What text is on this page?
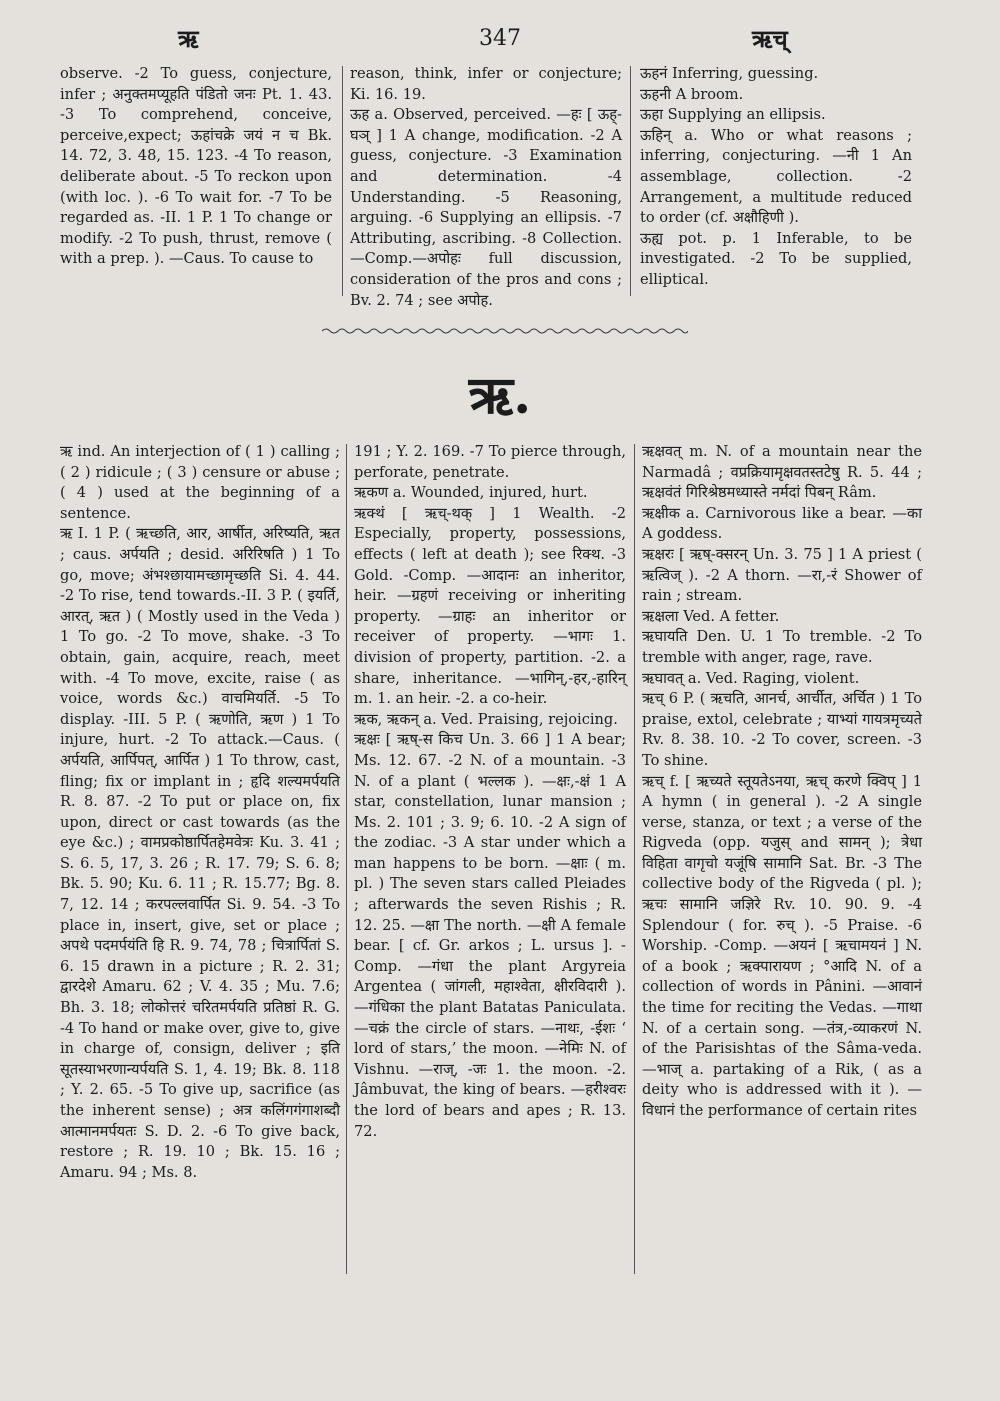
ऋ	347	ऋच्

observe. -2 To guess, conjecture, infer ; अनुक्तमप्यूहति पंडितो जनः Pt. 1. 43. -3 To comprehend, conceive, perceive,expect; ऊहांचक्रे जयं न च Bk. 14. 72, 3. 48, 15. 123. -4 To reason, deliberate about. -5 To reckon upon (with loc. ). -6 To wait for. -7 To be regarded as. -II. 1 P. 1 To change or modify. -2 To push, thrust, remove ( with a prep. ). —Caus. To cause to

reason, think, infer or conjecture; Ki. 16. 19.

ऊह a. Observed, perceived. —हः [ ऊह्-घञ् ] 1 A change, modification. -2 A guess, conjecture. -3 Examination and determination. -4 Understanding. -5 Reasoning, arguing. -6 Supplying an ellipsis. -7 Attributing, ascribing. -8 Collection.—Comp.—अपोहः full discussion, consideration of the pros and cons ; Bv. 2. 74 ; see अपोह.

ऊहनं Inferring, guessing.

ऊहनी A broom.

ऊहा Supplying an ellipsis.

ऊहिन् a. Who or what reasons ; inferring, conjecturing. —नी 1 An assemblage, collection. -2 Arrangement, a multitude reduced to order (cf. अक्षौहिणी ).

ऊह्य pot. p. 1 Inferable, to be investigated. -2 To be supplied, elliptical.

ऋ.

ऋ ind. An interjection of ( 1 ) calling ; ( 2 ) ridicule ; ( 3 ) censure or abuse ; ( 4 ) used at the beginning of a sentence.

ऋ I. 1 P. ( ऋच्छति, आर, आर्षीत, अरिष्यति, ऋत ; caus. अर्पयति ; desid. अरिरिषति ) 1 To go, move; अंभश्छायामच्छामृच्छति Si. 4. 44. -2 To rise, tend towards.-II. 3 P. ( इयर्ति, आरत्, ऋत ) ( Mostly used in the Veda ) 1 To go. -2 To move, shake. -3 To obtain, gain, acquire, reach, meet with. -4 To move, excite, raise ( as voice, words &c.) वाचमियर्ति. -5 To display. -III. 5 P. ( ऋणोति, ऋण ) 1 To injure, hurt. -2 To attack.—Caus. ( अर्पयति, आर्पिपत्, आर्पित ) 1 To throw, cast, fling; fix or implant in ; हृदि शल्यमर्पयति R. 8. 87. -2 To put or place on, fix upon, direct or cast towards (as the eye &c.) ; वामप्रकोष्ठार्पितहेमवेत्रः Ku. 3. 41 ; S. 6. 5, 17, 3. 26 ; R. 17. 79; S. 6. 8; Bk. 5. 90; Ku. 6. 11 ; R. 15.77; Bg. 8. 7, 12. 14 ; करपल्लवार्पित Si. 9. 54. -3 To place in, insert, give, set or place ; अपथे पदमर्पयंति हि R. 9. 74, 78 ; चित्रार्पितां S. 6. 15 drawn in a picture ; R. 2. 31; द्वारदेशे Amaru. 62 ; V. 4. 35 ; Mu. 7.6; Bh. 3. 18; लोकोत्तरं चरितमर्पयति प्रतिष्ठां R. G. -4 To hand or make over, give to, give in charge of, consign, deliver ; इति सूतस्याभरणान्यर्पयति S. 1, 4. 19; Bk. 8. 118 ; Y. 2. 65. -5 To give up, sacrifice (as the inherent sense) ; अत्र कलिंगगंगाशब्दौ आत्मानमर्पयतः S. D. 2. -6 To give back, restore ; R. 19. 10 ; Bk. 15. 16 ; Amaru. 94 ; Ms. 8.

191 ; Y. 2. 169. -7 To pierce through, perforate, penetrate.

ऋकण a. Wounded, injured, hurt.

ऋक्थं [ ऋच्-थक् ] 1 Wealth. -2 Especially, property, possessions, effects ( left at death ); see रिक्थ. -3 Gold. -Comp. —आदानः an inheritor, heir. —ग्रहणं receiving or inheriting property. —ग्राहः an inheritor or receiver of property. —भागः 1. division of property, partition. -2. a share, inheritance. —भागिन्,-हर,-हारिन् m. 1. an heir. -2. a co-heir.

ऋक, ऋकन् a. Ved. Praising, rejoicing.

ऋक्षः [ ऋष्-स किच Un. 3. 66 ] 1 A bear; Ms. 12. 67. -2 N. of a mountain. -3 N. of a plant ( भल्लक ). —क्षः,-क्षं 1 A star, constellation, lunar mansion ; Ms. 2. 101 ; 3. 9; 6. 10. -2 A sign of the zodiac. -3 A star under which a man happens to be born. —क्षाः ( m. pl. ) The seven stars called Pleiades ; afterwards the seven Rishis ; R. 12. 25. —क्षा The north. —क्षी A female bear. [ cf. Gr. arkos ; L. ursus ]. -Comp. —गंधा the plant Argyreia Argentea ( जांगली, महाश्वेता, क्षीरविदारी ). —गंधिका the plant Batatas Paniculata. —चक्रं the circle of stars. —नाथः, -ईशः ‘ lord of stars,’ the moon. —नेमिः N. of Vishnu. —राज्, -जः 1. the moon. -2. Jâmbuvat, the king of bears. —हरीश्वरः the lord of bears and apes ; R. 13. 72.

ऋक्षवत् m. N. of a mountain near the Narmadâ ; वप्रक्रियामृक्षवतस्तटेषु R. 5. 44 ; ऋक्षवंतं गिरिश्रेष्ठमध्यास्ते नर्मदां पिबन् Râm.

ऋक्षीक a. Carnivorous like a bear. —का A goddess.

ऋक्षरः [ ऋष्-क्सरन् Un. 3. 75 ] 1 A priest ( ऋत्विज् ). -2 A thorn. —रा,-रं Shower of rain ; stream.

ऋक्षला Ved. A fetter.

ऋघायति Den. U. 1 To tremble. -2 To tremble with anger, rage, rave.

ऋघावत् a. Ved. Raging, violent.

ऋच् 6 P. ( ऋचति, आनर्च, आर्चीत, अर्चित ) 1 To praise, extol, celebrate ; याभ्यां गायत्रमृच्यते Rv. 8. 38. 10. -2 To cover, screen. -3 To shine.

ऋच् f. [ ऋच्यते स्तूयतेऽनया, ऋच् करणे क्विप् ] 1 A hymn ( in general ). -2 A single verse, stanza, or text ; a verse of the Rigveda (opp. यजुस् and सामन् ); त्रेधा विहिता वागृचो यजूंषि सामानि Sat. Br. -3 The collective body of the Rigveda ( pl. ); ऋचः सामानि जज्ञिरे Rv. 10. 90. 9. -4 Splendour ( for. रुच् ). -5 Praise. -6 Worship. -Comp. —अयनं [ ऋचामयनं ] N. of a book ; ऋक्पारायण ; °आदि N. of a collection of words in Pânini. —आवानं the time for reciting the Vedas. —गाथा N. of a certain song. —तंत्र,-व्याकरणं N. of the Parisishtas of the Sâma-veda. —भाज् a. partaking of a Rik, ( as a deity who is addressed with it ). —विधानं the performance of certain rites
